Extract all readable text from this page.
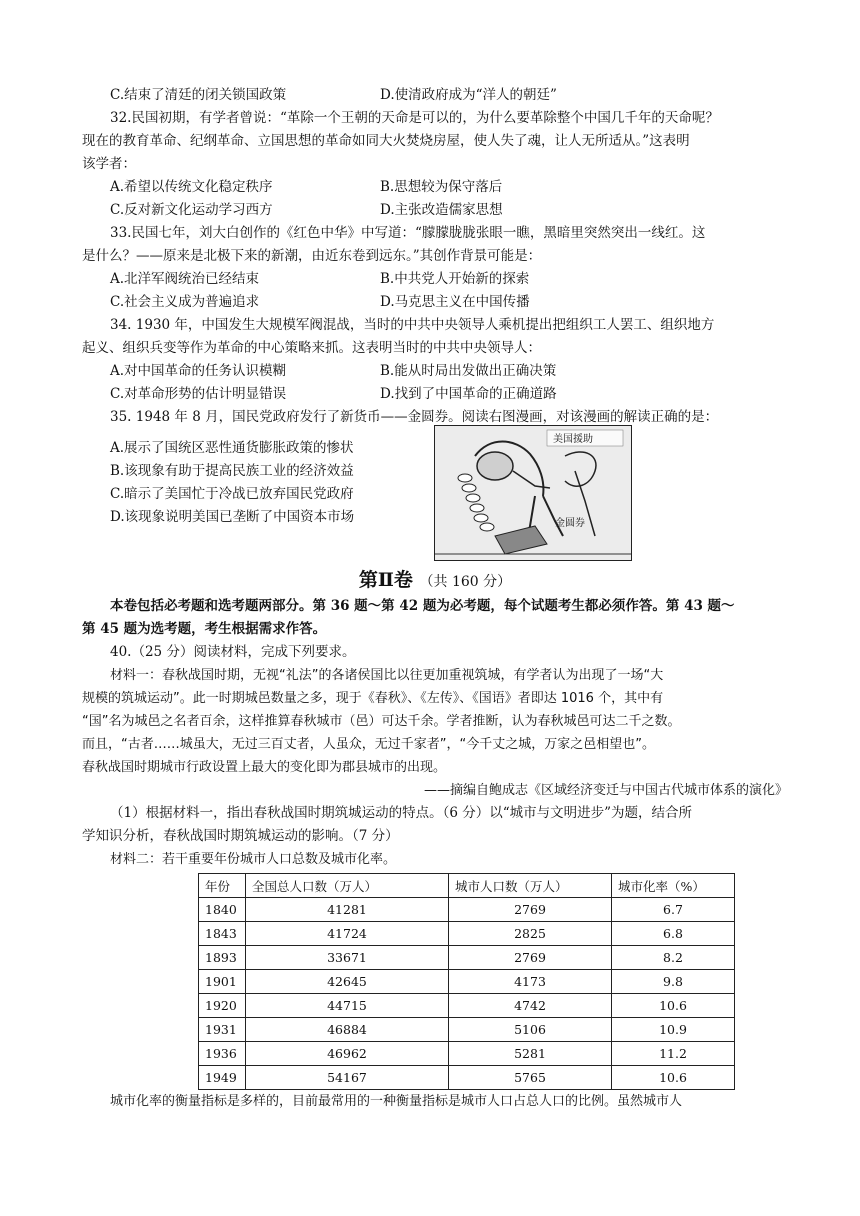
C.结束了清廷的闭关锁国政策	D.使清政府成为“洋人的朝廷”
32.民国初期，有学者曾说：“革除一个王朝的天命是可以的，为什么要革除整个中国几千年的天命呢？
现在的教育革命、纪纲革命、立国思想的革命如同大火焚烧房屋，使人失了魂，让人无所适从。”这表明
该学者：
A.希望以传统文化稳定秩序	B.思想较为保守落后
C.反对新文化运动学习西方	D.主张改造儒家思想
33.民国七年，刘大白创作的《红色中华》中写道：“朦朦胧胧张眼一瞧，黑暗里突然突出一线红。这
是什么？——原来是北极下来的新潮，由近东卷到远东。”其创作背景可能是：
A.北洋军阀统治已经结束	B.中共党人开始新的探索
C.社会主义成为普遍追求	D.马克思主义在中国传播
34. 1930 年，中国发生大规模军阀混战，当时的中共中央领导人乘机提出把组织工人罢工、组织地方
起义、组织兵变等作为革命的中心策略来抓。这表明当时的中共中央领导人：
A.对中国革命的任务认识模糊	B.能从时局出发做出正确决策
C.对革命形势的估计明显错误	D.找到了中国革命的正确道路
35. 1948 年 8 月，国民党政府发行了新货币——金圆券。阅读右图漫画，对该漫画的解读正确的是：
A.展示了国统区恶性通货膨胀政策的惨状
B.该现象有助于提高民族工业的经济效益
C.暗示了美国忙于冷战已放弃国民党政府
D.该现象说明美国已垄断了中国资本市场
美国援助
金圆券
第Ⅱ卷 （共 160 分）
本卷包括必考题和选考题两部分。第 36 题～第 42 题为必考题，每个试题考生都必须作答。第 43 题～
第 45 题为选考题，考生根据需求作答。
40.（25 分）阅读材料，完成下列要求。
材料一：春秋战国时期，无视“礼法”的各诸侯国比以往更加重视筑城，有学者认为出现了一场“大
规模的筑城运动”。此一时期城邑数量之多，现于《春秋》、《左传》、《国语》者即达 1016 个，其中有
“国”名为城邑之名者百余，这样推算春秋城市（邑）可达千余。学者推断，认为春秋城邑可达二千之数。
而且，“古者……城虽大，无过三百丈者，人虽众，无过千家者”，“今千丈之城，万家之邑相望也”。
春秋战国时期城市行政设置上最大的变化即为郡县城市的出现。
——摘编自鲍成志《区域经济变迁与中国古代城市体系的演化》
（1）根据材料一，指出春秋战国时期筑城运动的特点。（6 分）以“城市与文明进步”为题，结合所
学知识分析，春秋战国时期筑城运动的影响。（7 分）
材料二：若干重要年份城市人口总数及城市化率。
年份	全国总人口数（万人）	城市人口数（万人）	城市化率（%）
1840	41281	2769	6.7
1843	41724	2825	6.8
1893	33671	2769	8.2
1901	42645	4173	9.8
1920	44715	4742	10.6
1931	46884	5106	10.9
1936	46962	5281	11.2
1949	54167	5765	10.6
城市化率的衡量指标是多样的，目前最常用的一种衡量指标是城市人口占总人口的比例。虽然城市人
